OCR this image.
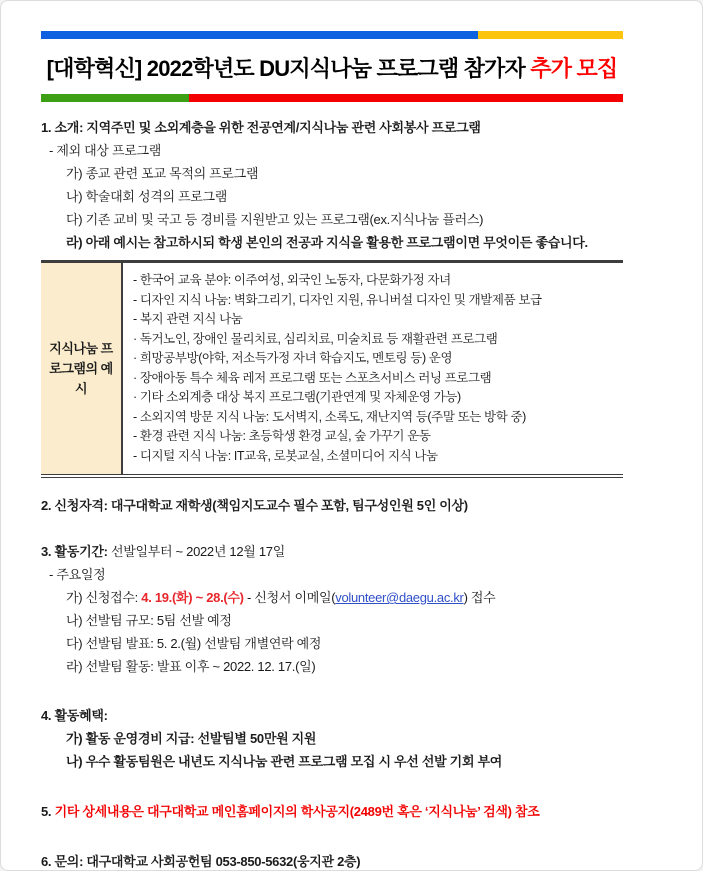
[대학혁신] 2022학년도 DU지식나눔 프로그램 참가자 추가 모집
1. 소개: 지역주민 및 소외계층을 위한 전공연계/지식나눔 관련 사회봉사 프로그램
- 제외 대상 프로그램
가) 종교 관련 포교 목적의 프로그램
나) 학술대회 성격의 프로그램
다) 기존 교비 및 국고 등 경비를 지원받고 있는 프로그램(ex.지식나눔 플러스)
라) 아래 예시는 참고하시되 학생 본인의 전공과 지식을 활용한 프로그램이면 무엇이든 좋습니다.
지식나눔 프로그램의 예시
- 한국어 교육 분야: 이주여성, 외국인 노동자, 다문화가정 자녀
- 디자인 지식 나눔: 벽화그리기, 디자인 지원, 유니버설 디자인 및 개발제품 보급
- 복지 관련 지식 나눔
· 독거노인, 장애인 물리치료, 심리치료, 미술치료 등 재활관련 프로그램
· 희망공부방(야학, 저소득가정 자녀 학습지도, 멘토링 등) 운영
· 장애아동 특수 체육 레저 프로그램 또는 스포츠서비스 러닝 프로그램
· 기타 소외계층 대상 복지 프로그램(기관연계 및 자체운영 가능)
- 소외지역 방문 지식 나눔: 도서벽지, 소록도, 재난지역 등(주말 또는 방학 중)
- 환경 관련 지식 나눔: 초등학생 환경 교실, 숲 가꾸기 운동
- 디지털 지식 나눔: IT교육, 로봇교실, 소셜미디어 지식 나눔
2. 신청자격: 대구대학교 재학생(책임지도교수 필수 포함, 팀구성인원 5인 이상)
3. 활동기간: 선발일부터 ~ 2022년 12월 17일
- 주요일정
가) 신청접수: 4. 19.(화) ~ 28.(수) - 신청서 이메일(volunteer@daegu.ac.kr) 접수
나) 선발팀 규모: 5팀 선발 예정
다) 선발팀 발표: 5. 2.(월) 선발팀 개별연락 예정
라) 선발팀 활동: 발표 이후 ~ 2022. 12. 17.(일)
4. 활동혜택:
가) 활동 운영경비 지급: 선발팀별 50만원 지원
나) 우수 활동팀원은 내년도 지식나눔 관련 프로그램 모집 시 우선 선발 기회 부여
5. 기타 상세내용은 대구대학교 메인홈페이지의 학사공지(2489번 혹은 ‘지식나눔’ 검색) 참조
6. 문의: 대구대학교 사회공헌팀 053-850-5632(웅지관 2층)
